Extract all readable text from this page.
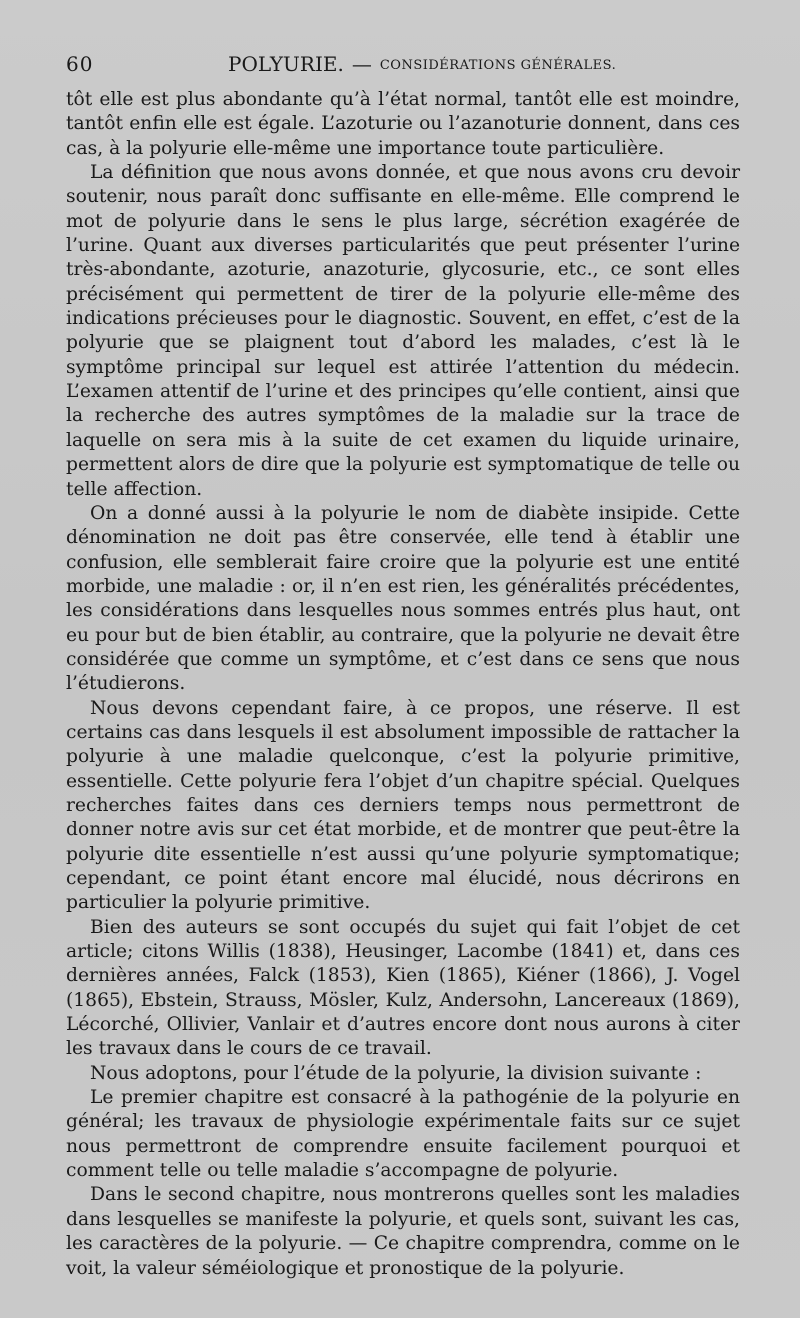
60	POLYURIE. — CONSIDÉRATIONS GÉNÉRALES.

tôt elle est plus abondante qu’à l’état normal, tantôt elle est moindre, tantôt enfin elle est égale. L’azoturie ou l’azanoturie donnent, dans ces cas, à la polyurie elle-même une importance toute particulière.

La définition que nous avons donnée, et que nous avons cru devoir soutenir, nous paraît donc suffisante en elle-même. Elle comprend le mot de polyurie dans le sens le plus large, sécrétion exagérée de l’urine. Quant aux diverses particularités que peut présenter l’urine très-abondante, azoturie, anazoturie, glycosurie, etc., ce sont elles précisément qui permettent de tirer de la polyurie elle-même des indications précieuses pour le diagnostic. Souvent, en effet, c’est de la polyurie que se plaignent tout d’abord les malades, c’est là le symptôme principal sur lequel est attirée l’attention du médecin. L’examen attentif de l’urine et des principes qu’elle contient, ainsi que la recherche des autres symptômes de la maladie sur la trace de laquelle on sera mis à la suite de cet examen du liquide urinaire, permettent alors de dire que la polyurie est symptomatique de telle ou telle affection.

On a donné aussi à la polyurie le nom de diabète insipide. Cette dénomination ne doit pas être conservée, elle tend à établir une confusion, elle semblerait faire croire que la polyurie est une entité morbide, une maladie : or, il n’en est rien, les généralités précédentes, les considérations dans lesquelles nous sommes entrés plus haut, ont eu pour but de bien établir, au contraire, que la polyurie ne devait être considérée que comme un symptôme, et c’est dans ce sens que nous l’étudierons.

Nous devons cependant faire, à ce propos, une réserve. Il est certains cas dans lesquels il est absolument impossible de rattacher la polyurie à une maladie quelconque, c’est la polyurie primitive, essentielle. Cette polyurie fera l’objet d’un chapitre spécial. Quelques recherches faites dans ces derniers temps nous permettront de donner notre avis sur cet état morbide, et de montrer que peut-être la polyurie dite essentielle n’est aussi qu’une polyurie symptomatique; cependant, ce point étant encore mal élucidé, nous décrirons en particulier la polyurie primitive.

Bien des auteurs se sont occupés du sujet qui fait l’objet de cet article; citons Willis (1838), Heusinger, Lacombe (1841) et, dans ces dernières années, Falck (1853), Kien (1865), Kiéner (1866), J. Vogel (1865), Ebstein, Strauss, Mösler, Kulz, Andersohn, Lancereaux (1869), Lécorché, Ollivier, Vanlair et d’autres encore dont nous aurons à citer les travaux dans le cours de ce travail.

Nous adoptons, pour l’étude de la polyurie, la division suivante :

Le premier chapitre est consacré à la pathogénie de la polyurie en général; les travaux de physiologie expérimentale faits sur ce sujet nous permettront de comprendre ensuite facilement pourquoi et comment telle ou telle maladie s’accompagne de polyurie.

Dans le second chapitre, nous montrerons quelles sont les maladies dans lesquelles se manifeste la polyurie, et quels sont, suivant les cas, les caractères de la polyurie. — Ce chapitre comprendra, comme on le voit, la valeur séméiologique et pronostique de la polyurie.
